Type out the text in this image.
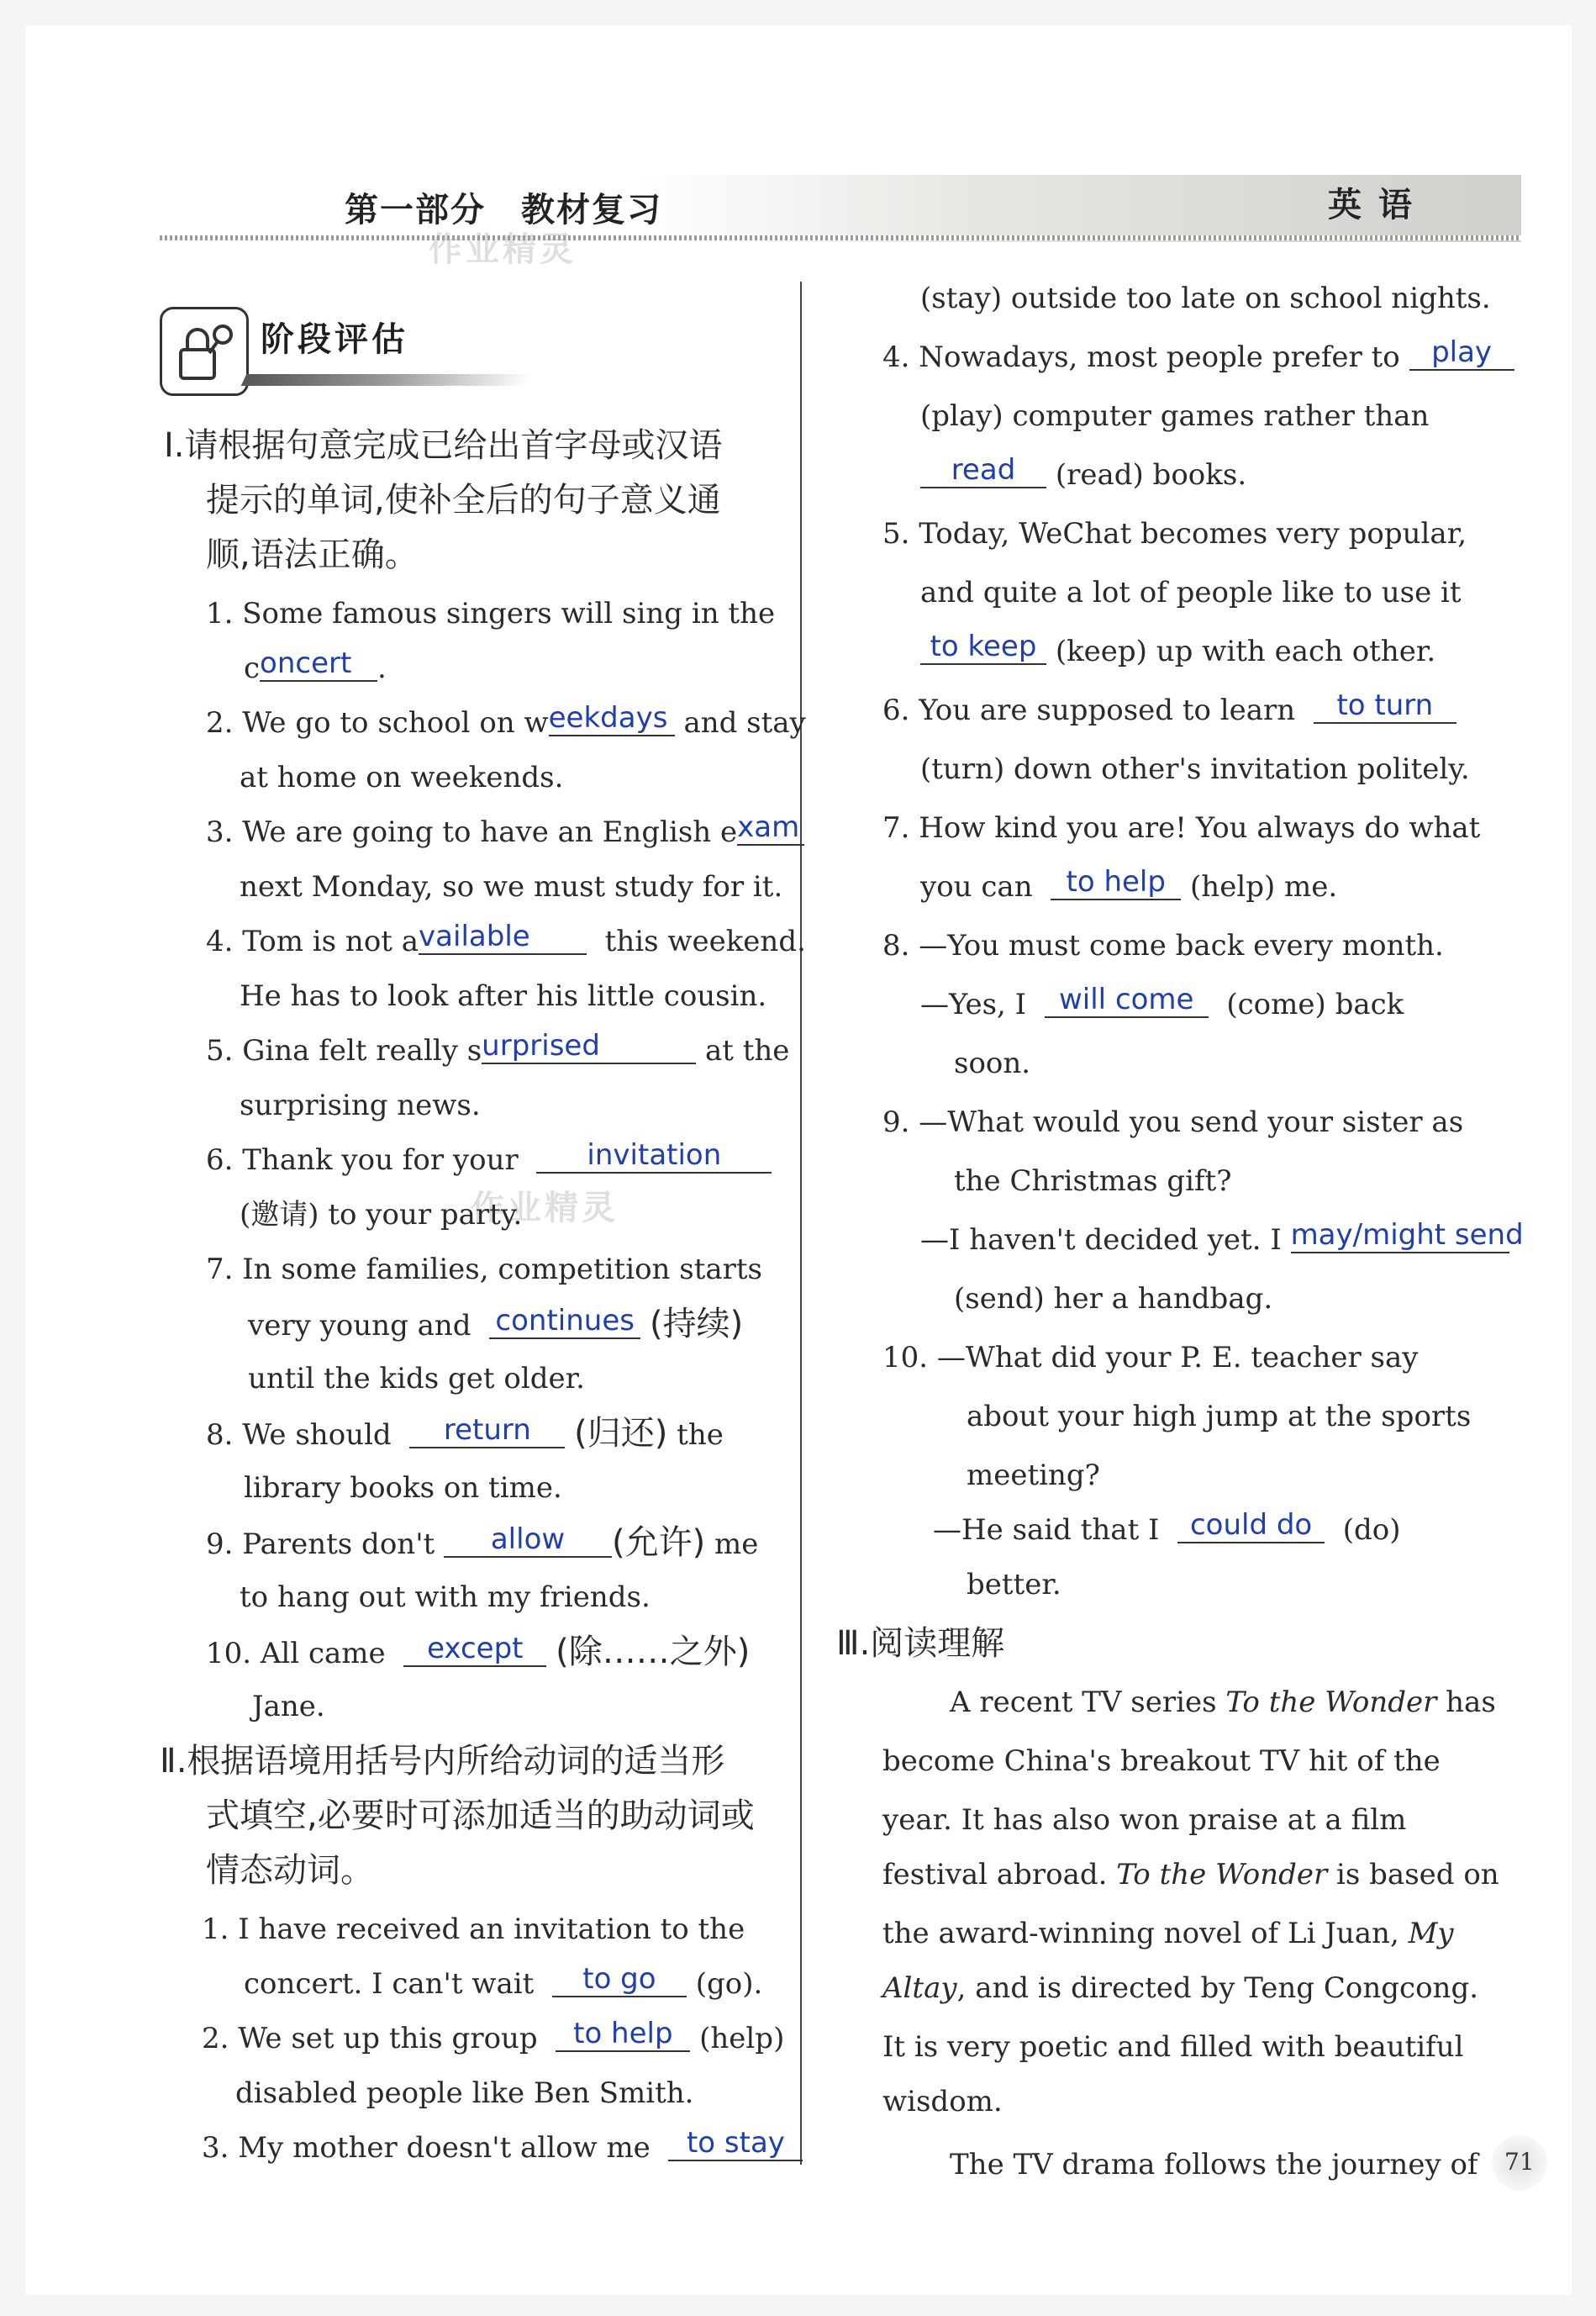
第一部分　教材复习	英语
作业精灵
作业精灵
阶段评估
Ⅰ.请根据句意完成已给出首字母或汉语
提示的单词,使补全后的句子意义通
顺,语法正确。
1. Some famous singers will sing in the
concert .
2. We go to school on weekdays and stay
at home on weekends.
3. We are going to have an English exam
next Monday, so we must study for it.
4. Tom is not available	this weekend.
He has to look after his little cousin.
5. Gina felt really surprised	at the
surprising news.
6. Thank you for your invitation
(邀请) to your party.
7. In some families, competition starts
very young and continues (持续)
until the kids get older.
8. We should return (归还) the
library books on time.
9. Parents don't allow (允许) me
to hang out with my friends.
10. All came except (除……之外)
Jane.
Ⅱ.根据语境用括号内所给动词的适当形
式填空,必要时可添加适当的助动词或
情态动词。
1. I have received an invitation to the
concert. I can't wait to go (go).
2. We set up this group to help (help)
disabled people like Ben Smith.
3. My mother doesn't allow me to stay
(stay) outside too late on school nights.
4. Nowadays, most people prefer to play
(play) computer games rather than
read (read) books.
5. Today, WeChat becomes very popular,
and quite a lot of people like to use it
to keep (keep) up with each other.
6. You are supposed to learn to turn
(turn) down other's invitation politely.
7. How kind you are! You always do what
you can to help (help) me.
8. —You must come back every month.
—Yes, I will come (come) back
soon.
9. —What would you send your sister as
the Christmas gift?
—I haven't decided yet. I may/might send
(send) her a handbag.
10. —What did your P. E. teacher say
about your high jump at the sports
meeting?
—He said that I could do (do)
better.
Ⅲ.阅读理解
A recent TV series To the Wonder has
become China's breakout TV hit of the
year. It has also won praise at a film
festival abroad. To the Wonder is based on
the award-winning novel of Li Juan, My
Altay, and is directed by Teng Congcong.
It is very poetic and filled with beautiful
wisdom.
The TV drama follows the journey of 71
